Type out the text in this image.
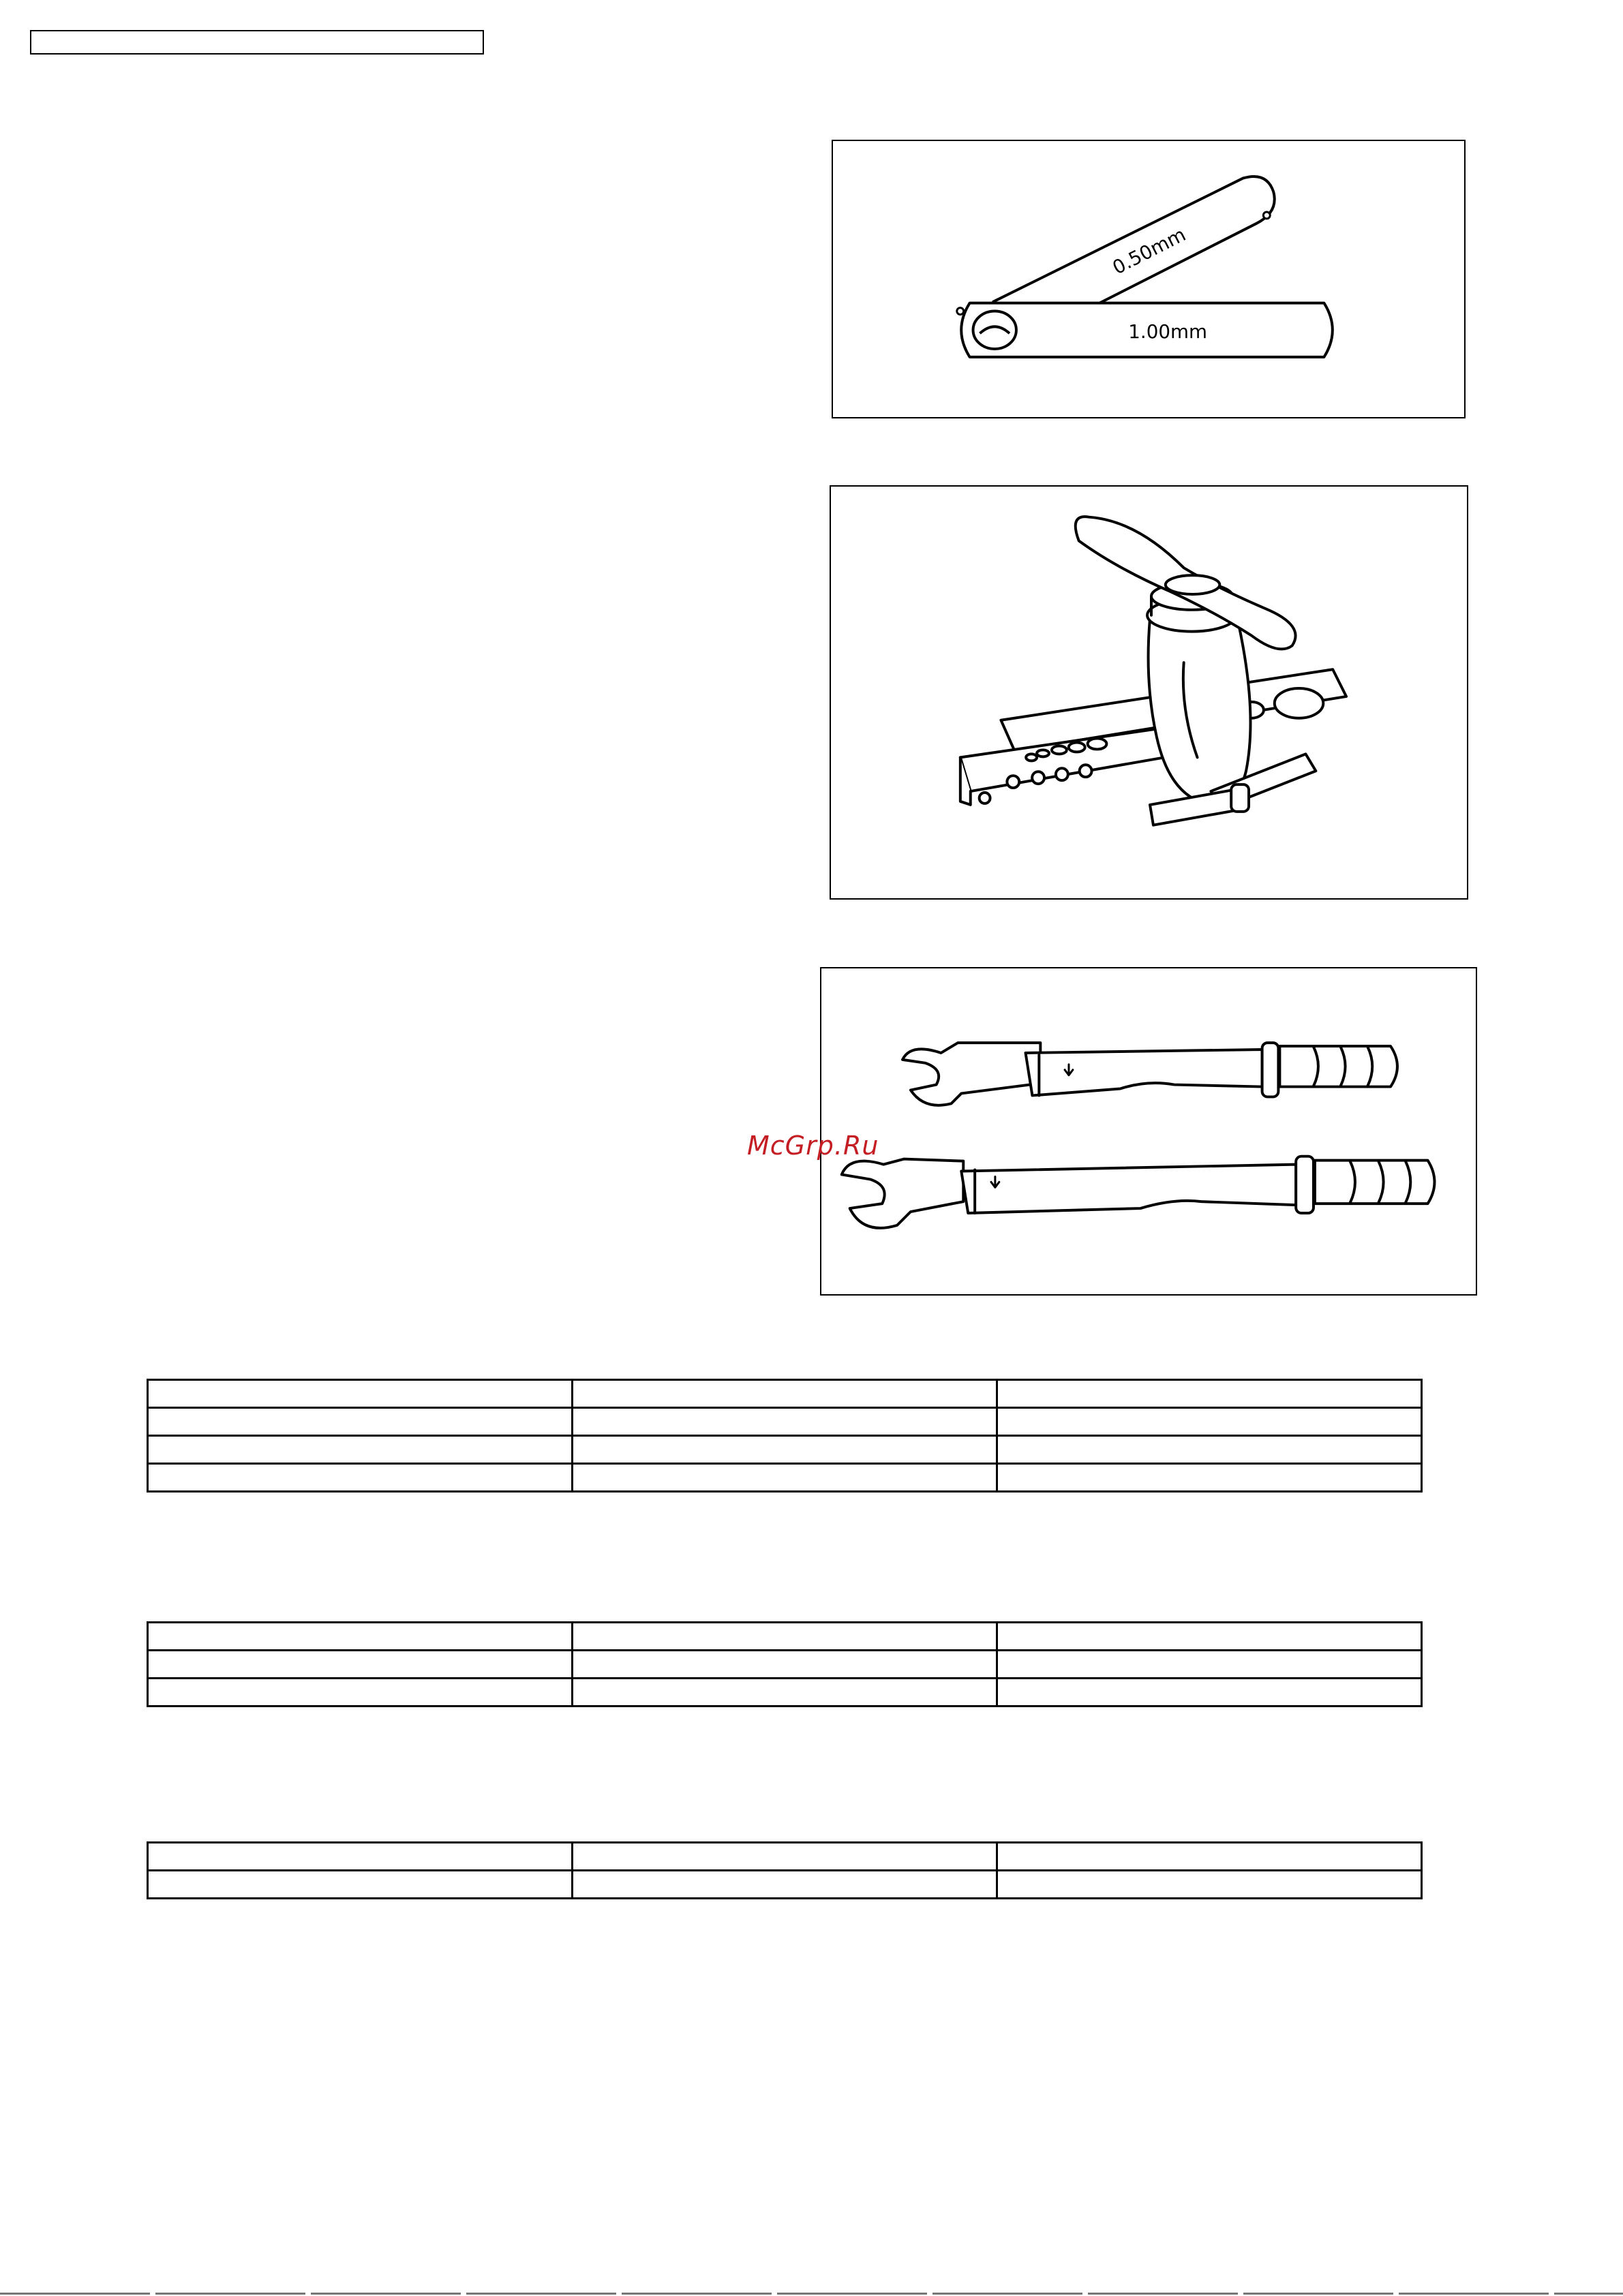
0.50mm
1.00mm
McGrp.Ru
